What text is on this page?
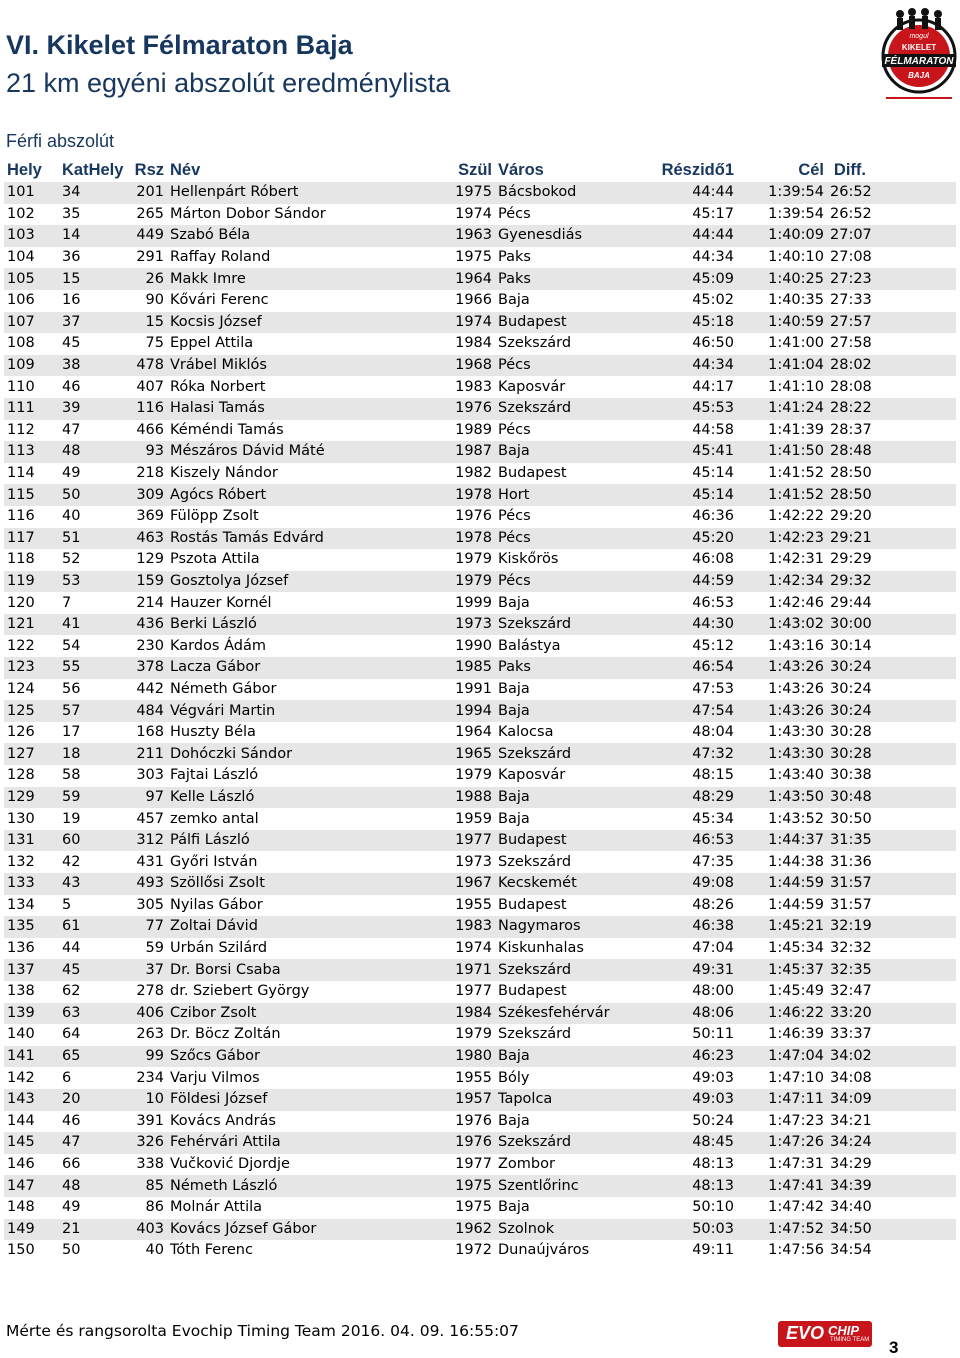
VI. Kikelet Félmaraton Baja
21 km egyéni abszolút eredménylista
mogul
KIKELET
FÉLMARATON
BAJA
Férfi abszolút
Hely	KatHely	Rsz	Név	Szül	Város	Részidő1	Cél	Diff.
101	34	201	Hellenpárt Róbert	1975	Bácsbokod	44:44	1:39:54	26:52
102	35	265	Márton Dobor Sándor	1974	Pécs	45:17	1:39:54	26:52
103	14	449	Szabó Béla	1963	Gyenesdiás	44:44	1:40:09	27:07
104	36	291	Raffay Roland	1975	Paks	44:34	1:40:10	27:08
105	15	26	Makk Imre	1964	Paks	45:09	1:40:25	27:23
106	16	90	Kővári Ferenc	1966	Baja	45:02	1:40:35	27:33
107	37	15	Kocsis József	1974	Budapest	45:18	1:40:59	27:57
108	45	75	Eppel Attila	1984	Szekszárd	46:50	1:41:00	27:58
109	38	478	Vrábel Miklós	1968	Pécs	44:34	1:41:04	28:02
110	46	407	Róka Norbert	1983	Kaposvár	44:17	1:41:10	28:08
111	39	116	Halasi Tamás	1976	Szekszárd	45:53	1:41:24	28:22
112	47	466	Kéméndi Tamás	1989	Pécs	44:58	1:41:39	28:37
113	48	93	Mészáros Dávid Máté	1987	Baja	45:41	1:41:50	28:48
114	49	218	Kiszely Nándor	1982	Budapest	45:14	1:41:52	28:50
115	50	309	Agócs Róbert	1978	Hort	45:14	1:41:52	28:50
116	40	369	Fülöpp Zsolt	1976	Pécs	46:36	1:42:22	29:20
117	51	463	Rostás Tamás Edvárd	1978	Pécs	45:20	1:42:23	29:21
118	52	129	Pszota Attila	1979	Kiskőrös	46:08	1:42:31	29:29
119	53	159	Gosztolya József	1979	Pécs	44:59	1:42:34	29:32
120	7	214	Hauzer Kornél	1999	Baja	46:53	1:42:46	29:44
121	41	436	Berki László	1973	Szekszárd	44:30	1:43:02	30:00
122	54	230	Kardos Ádám	1990	Balástya	45:12	1:43:16	30:14
123	55	378	Lacza Gábor	1985	Paks	46:54	1:43:26	30:24
124	56	442	Németh Gábor	1991	Baja	47:53	1:43:26	30:24
125	57	484	Végvári Martin	1994	Baja	47:54	1:43:26	30:24
126	17	168	Huszty Béla	1964	Kalocsa	48:04	1:43:30	30:28
127	18	211	Dohóczki Sándor	1965	Szekszárd	47:32	1:43:30	30:28
128	58	303	Fajtai László	1979	Kaposvár	48:15	1:43:40	30:38
129	59	97	Kelle László	1988	Baja	48:29	1:43:50	30:48
130	19	457	zemko antal	1959	Baja	45:34	1:43:52	30:50
131	60	312	Pálfi László	1977	Budapest	46:53	1:44:37	31:35
132	42	431	Győri István	1973	Szekszárd	47:35	1:44:38	31:36
133	43	493	Szöllősi Zsolt	1967	Kecskemét	49:08	1:44:59	31:57
134	5	305	Nyilas Gábor	1955	Budapest	48:26	1:44:59	31:57
135	61	77	Zoltai Dávid	1983	Nagymaros	46:38	1:45:21	32:19
136	44	59	Urbán Szilárd	1974	Kiskunhalas	47:04	1:45:34	32:32
137	45	37	Dr. Borsi Csaba	1971	Szekszárd	49:31	1:45:37	32:35
138	62	278	dr. Sziebert György	1977	Budapest	48:00	1:45:49	32:47
139	63	406	Czibor Zsolt	1984	Székesfehérvár	48:06	1:46:22	33:20
140	64	263	Dr. Böcz Zoltán	1979	Szekszárd	50:11	1:46:39	33:37
141	65	99	Szőcs Gábor	1980	Baja	46:23	1:47:04	34:02
142	6	234	Varju Vilmos	1955	Bóly	49:03	1:47:10	34:08
143	20	10	Földesi József	1957	Tapolca	49:03	1:47:11	34:09
144	46	391	Kovács András	1976	Baja	50:24	1:47:23	34:21
145	47	326	Fehérvári Attila	1976	Szekszárd	48:45	1:47:26	34:24
146	66	338	Vučković Djordje	1977	Zombor	48:13	1:47:31	34:29
147	48	85	Németh László	1975	Szentlőrinc	48:13	1:47:41	34:39
148	49	86	Molnár Attila	1975	Baja	50:10	1:47:42	34:40
149	21	403	Kovács József Gábor	1962	Szolnok	50:03	1:47:52	34:50
150	50	40	Tóth Ferenc	1972	Dunaújváros	49:11	1:47:56	34:54
Mérte és rangsorolta Evochip Timing Team 2016. 04. 09. 16:55:07	EVO CHIP
TIMING TEAM 3
